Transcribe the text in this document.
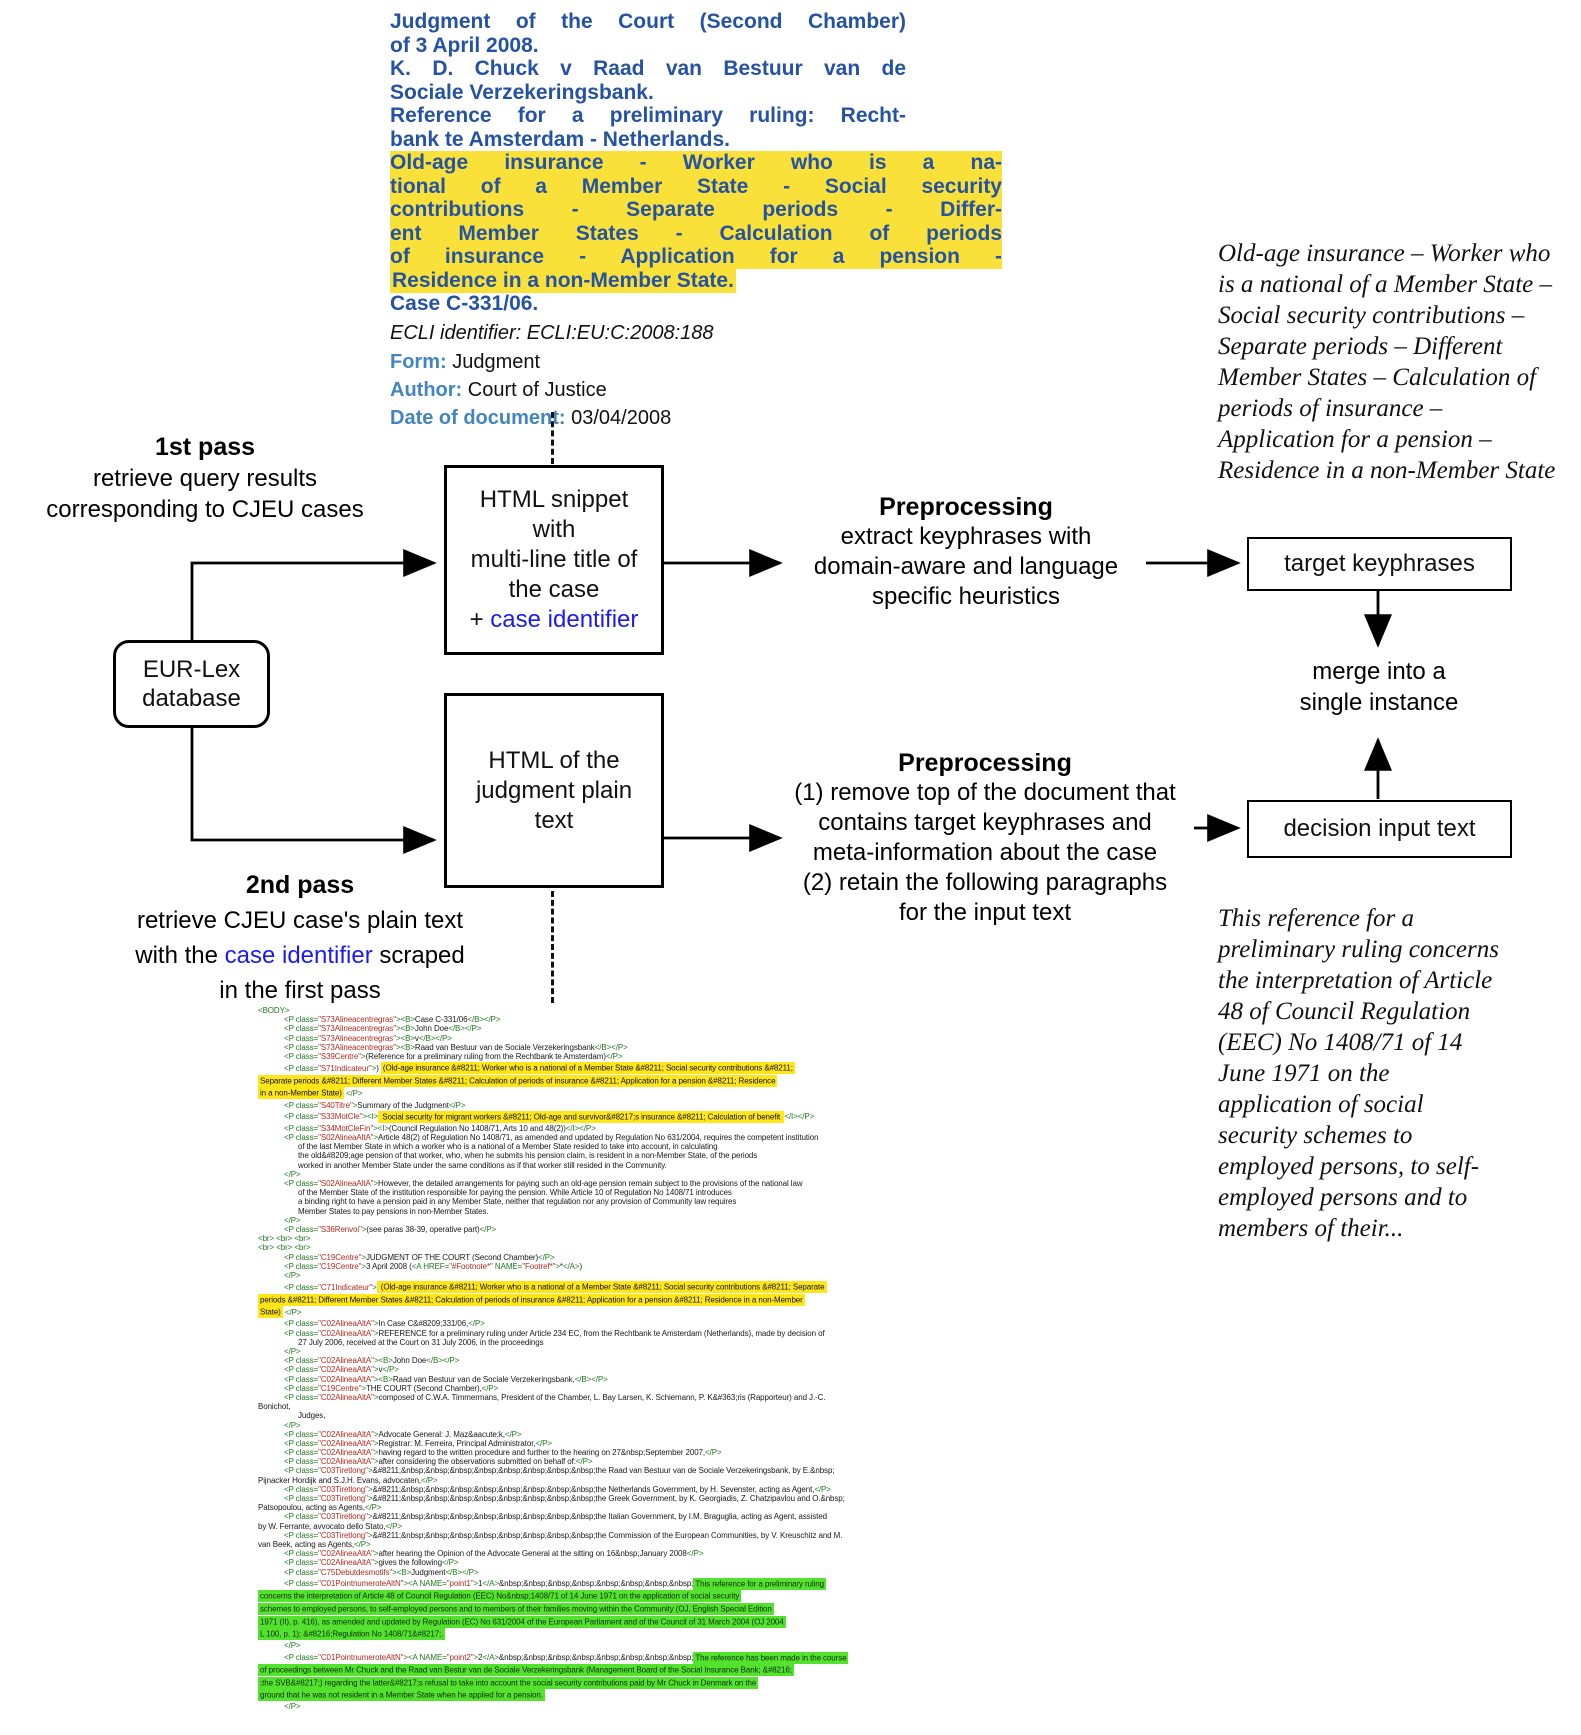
Judgment of the Court (Second Chamber)
of 3 April 2008.
K. D. Chuck v Raad van Bestuur van de
Sociale Verzekeringsbank.
Reference for a preliminary ruling: Recht-
bank te Amsterdam - Netherlands.
Old-age insurance - Worker who is a na-
tional of a Member State - Social security
contributions - Separate periods - Differ-
ent Member States - Calculation of periods
of insurance - Application for a pension -
Residence in a non-Member State.
Case C-331/06.
ECLI identifier: ECLI:EU:C:2008:188
Form: Judgment
Author: Court of Justice
Date of document: 03/04/2008
1st pass
retrieve query results
corresponding to CJEU cases
2nd pass
retrieve CJEU case's plain text
with the case identifier scraped
in the first pass
EUR-Lex
database
HTML snippet
with
multi-line title of
the case
+ case identifier
HTML of the
judgment plain
text
Preprocessing
extract keyphrases with
domain-aware and language
specific heuristics
Preprocessing
(1) remove top of the document that
contains target keyphrases and
meta-information about the case
(2) retain the following paragraphs
for the input text
target keyphrases
merge into a
single instance
decision input text
Old-age insurance – Worker who
is a national of a Member State –
Social security contributions –
Separate periods – Different
Member States – Calculation of
periods of insurance –
Application for a pension –
Residence in a non-Member State
This reference for a
preliminary ruling concerns
the interpretation of Article
48 of Council Regulation
(EEC) No 1408/71 of 14
June 1971 on the
application of social
security schemes to
employed persons, to self-
employed persons and to
members of their...
<BODY>
<P class="S73Alineacentregras"><B>Case C-331/06</B></P>
<P class="S73Alineacentregras"><B>John Doe</B></P>
<P class="S73Alineacentregras"><B>v</B></P>
<P class="S73Alineacentregras"><B>Raad van Bestuur van de Sociale Verzekeringsbank</B></P>
<P class="S39Centre">(Reference for a preliminary ruling from the Rechtbank te Amsterdam)</P>
<P class="S71Indicateur">) (Old-age insurance &#8211; Worker who is a national of a Member State &#8211; Social security contributions &#8211;
Separate periods &#8211; Different Member States &#8211; Calculation of periods of insurance &#8211; Application for a pension &#8211; Residence
in a non-Member State) </P>
<P class="S40Titre">Summary of the Judgment</P>
<P class="S33MotCle"><I> Social security for migrant workers &#8211; Old-age and survivor&#8217;s insurance &#8211; Calculation of benefit </I></P>
<P class="S34MotCleFin"><I>(Council Regulation No 1408/71, Arts 10 and 48(2))</I></P>
<P class="S02AlineaAltA">Article 48(2) of Regulation No 1408/71, as amended and updated by Regulation No 631/2004, requires the competent institution
of the last Member State in which a worker who is a national of a Member State resided to take into account, in calculating
the old&#8209;age pension of that worker, who, when he submits his pension claim, is resident in a non-Member State, of the periods
worked in another Member State under the same conditions as if that worker still resided in the Community.
</P>
<P class="S02AlineaAltA">However, the detailed arrangements for paying such an old-age pension remain subject to the provisions of the national law
of the Member State of the institution responsible for paying the pension. While Article 10 of Regulation No 1408/71 introduces
a binding right to have a pension paid in any Member State, neither that regulation nor any provision of Community law requires
Member States to pay pensions in non-Member States.
</P>
<P class="S36Renvoi">(see paras 38-39, operative part)</P>
<br> <br> <br>
<br> <br> <br>
<P class="C19Centre">JUDGMENT OF THE COURT (Second Chamber)</P>
<P class="C19Centre">3 April 2008 (<A HREF="#Footnote*" NAME="Footref*">*</A>)
</P>
<P class="C71Indicateur"> (Old-age insurance &#8211; Worker who is a national of a Member State &#8211; Social security contributions &#8211; Separate
periods &#8211; Different Member States &#8211; Calculation of periods of insurance &#8211; Application for a pension &#8211; Residence in a non-Member
State) </P>
<P class="C02AlineaAltA">In Case C&#8209;331/06,</P>
<P class="C02AlineaAltA">REFERENCE for a preliminary ruling under Article 234 EC, from the Rechtbank te Amsterdam (Netherlands), made by decision of
27 July 2006, received at the Court on 31 July 2006, in the proceedings
</P>
<P class="C02AlineaAltA"><B>John Doe</B></P>
<P class="C02AlineaAltA">v</P>
<P class="C02AlineaAltA"><B>Raad van Bestuur van de Sociale Verzekeringsbank,</B></P>
<P class="C19Centre">THE COURT (Second Chamber),</P>
<P class="C02AlineaAltA">composed of C.W.A. Timmermans, President of the Chamber, L. Bay Larsen, K. Schiemann, P. K&#363;ris (Rapporteur) and J.-C.
Bonichot,
Judges,
</P>
<P class="C02AlineaAltA">Advocate General: J. Maz&aacute;k,</P>
<P class="C02AlineaAltA">Registrar: M. Ferreira, Principal Administrator,</P>
<P class="C02AlineaAltA">having regard to the written procedure and further to the hearing on 27&nbsp;September 2007,</P>
<P class="C02AlineaAltA">after considering the observations submitted on behalf of:</P>
<P class="C03Tiretlong">&#8211;&nbsp;&nbsp;&nbsp;&nbsp;&nbsp;&nbsp;&nbsp;&nbsp;the Raad van Bestuur van de Sociale Verzekeringsbank, by E.&nbsp;
Pijnacker Hordijk and S.J.H. Evans, advocaten,</P>
<P class="C03Tiretlong">&#8211;&nbsp;&nbsp;&nbsp;&nbsp;&nbsp;&nbsp;&nbsp;&nbsp;the Netherlands Government, by H. Sevenster, acting as Agent,</P>
<P class="C03Tiretlong">&#8211;&nbsp;&nbsp;&nbsp;&nbsp;&nbsp;&nbsp;&nbsp;&nbsp;the Greek Government, by K. Georgiadis, Z. Chatzipavlou and O.&nbsp;
Patsopoulou, acting as Agents,</P>
<P class="C03Tiretlong">&#8211;&nbsp;&nbsp;&nbsp;&nbsp;&nbsp;&nbsp;&nbsp;&nbsp;the Italian Government, by I.M. Braguglia, acting as Agent, assisted
by W. Ferrante, avvocato dello Stato,</P>
<P class="C03Tiretlong">&#8211;&nbsp;&nbsp;&nbsp;&nbsp;&nbsp;&nbsp;&nbsp;&nbsp;the Commission of the European Communities, by V. Kreuschitz and M.
van Beek, acting as Agents,</P>
<P class="C02AlineaAltA">after hearing the Opinion of the Advocate General at the sitting on 16&nbsp;January 2008</P>
<P class="C02AlineaAltA">gives the following</P>
<P class="C75Debutdesmotifs"><B>Judgment</B></P>
<P class="C01PointnumeroteAltN"><A NAME="point1">1</A>&nbsp;&nbsp;&nbsp;&nbsp;&nbsp;&nbsp;&nbsp;&nbsp; This reference for a preliminary ruling
concerns the interpretation of Article 48 of Council Regulation (EEC) No&nbsp;1408/71 of 14 June 1971 on the application of social security
schemes to employed persons, to self-employed persons and to members of their families moving within the Community (OJ, English Special Edition
1971 (II), p. 416), as amended and updated by Regulation (EC) No 631/2004 of the European Parliament and of the Council of 31 March 2004 (OJ 2004
L 100, p. 1); &#8216;Regulation No 1408/71&#8217;.
</P>
<P class="C01PointnumeroteAltN"><A NAME="point2">2</A>&nbsp;&nbsp;&nbsp;&nbsp;&nbsp;&nbsp;&nbsp;&nbsp; The reference has been made in the course
of proceedings between Mr Chuck and the Raad van Bestur van de Sociale Verzekeringsbank (Management Board of the Social Insurance Bank; &#8216;
;the SVB&#8217;) regarding the latter&#8217;s refusal to take into account the social security contributions paid by Mr Chuck in Denmark on the
ground that he was not resident in a Member State when he applied for a pension.
</P>
